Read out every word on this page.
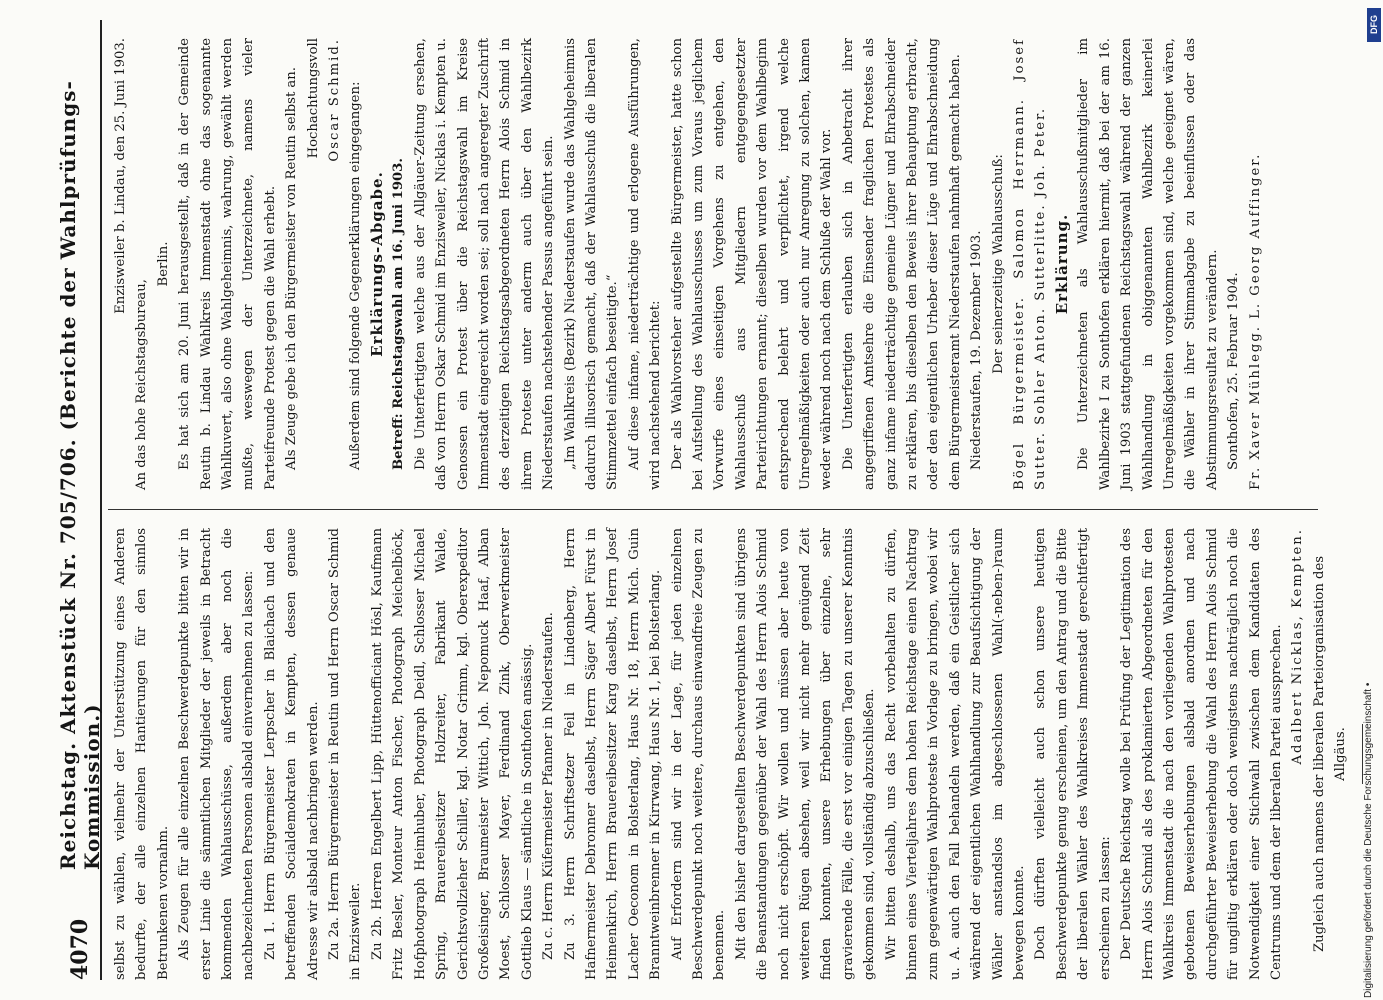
4070
Reichstag. Aktenstück Nr. 705/706. (Berichte der Wahlprüfungs-Kommission.) selbst zu wählen, vielmehr der Unterstützung eines Anderen bedurfte, der alle einzelnen Hantierungen für den sinnlos Betrunkenen vornahm. Als Zeugen für alle einzelnen Beschwerdepunkte bitten wir in erster Linie die sämmtlichen Mitglieder der jeweils in Betracht kommenden Wahlausschüsse, außerdem aber noch die nachbezeichneten Personen alsbald einvernehmen zu lassen: Zu 1. Herrn Bürgermeister Lerpscher in Blaichach und den betreffenden Socialdemokraten in Kempten, dessen genaue Adresse wir alsbald nachbringen werden. Zu 2a. Herrn Bürgermeister in Reutin und Herrn Oscar Schmid in Enzisweiler. Zu 2b. Herren Engelbert Lipp, Hüttenofficiant Hösl, Kaufmann Fritz Besler, Monteur Anton Fischer, Photograph Meichelböck, Hofphotograph Heimhuber, Photograph Deidl, Schlosser Michael Spring, Brauereibesitzer Holzreiter, Fabrikant Walde, Gerichtsvollzieher Schiller, kgl. Notar Grimm, kgl. Oberexpeditor Großeisinger, Braumeister Wittich, Joh. Nepomuck Haaf, Alban Moest, Schlosser Mayer, Ferdinand Zink, Oberwerkmeister Gottlieb Klaus — sämtliche in Sonthofen ansässig. Zu c. Herrn Küfermeister Pfanner in Niederstaufen. Zu 3. Herrn Schriftsetzer Feil in Lindenberg, Herrn Hafnermeister Debronner daselbst, Herrn Säger Albert Fürst in Heimenkirch, Herrn Brauereibesitzer Karg daselbst, Herrn Josef Lacher Oeconom in Bolsterlang, Haus Nr. 18, Herrn Mich. Guin Branntweinbrenner in Kirrwang, Haus Nr. 1, bei Bolsterlang. Auf Erfordern sind wir in der Lage, für jeden einzelnen Beschwerdepunkt noch weitere, durchaus einwandfreie Zeugen zu benennen. Mit den bisher dargestellten Beschwerdepunkten sind übrigens die Beanstandungen gegenüber der Wahl des Herrn Alois Schmid noch nicht erschöpft. Wir wollen und müssen aber heute von weiteren Rügen absehen, weil wir nicht mehr genügend Zeit finden konnten, unsere Erhebungen über einzelne, sehr gravierende Fälle, die erst vor einigen Tagen zu unserer Kenntnis gekommen sind, vollständig abzuschließen. Wir bitten deshalb, uns das Recht vorbehalten zu dürfen, binnen eines Vierteljahres dem hohen Reichstage einen Nachtrag zum gegenwärtigen Wahlproteste in Vorlage zu bringen, wobei wir u. A. auch den Fall behandeln werden, daß ein Geistlicher sich während der eigentlichen Wahlhandlung zur Beaufsichtigung der Wähler anstandslos im abgeschlossenen Wahl(-neben-)raum bewegen konnte. Doch dürften vielleicht auch schon unsere heutigen Beschwerdepunkte genug erscheinen, um den Antrag und die Bitte der liberalen Wähler des Wahlkreises Immenstadt gerechtfertigt erscheinen zu lassen: Der Deutsche Reichstag wolle bei Prüfung der Legitimation des Herrn Alois Schmid als des proklamierten Abgeordneten für den Wahlkreis Immenstadt die nach den vorliegenden Wahlprotesten gebotenen Beweiserhebungen alsbald anordnen und nach durchgeführter Beweiserhebung die Wahl des Herrn Alois Schmid für ungiltig erklären oder doch wenigstens nachträglich noch die Notwendigkeit einer Stichwahl zwischen dem Kandidaten des Centrums und dem der liberalen Partei aussprechen. Adalbert Nicklas, Kempten. Zugleich auch namens der liberalen Parteiorganisation des Allgäus.

Enzisweiler b. Lindau, den 25. Juni 1903.

An das hohe Reichstagsbureau,

Berlin. Es hat sich am 20. Juni herausgestellt, daß in der Gemeinde Reutin b. Lindau Wahlkreis Immenstadt ohne das sogenannte Wahlkuvert, also ohne Wahlgeheimnis, wahrung, gewählt werden mußte, weswegen der Unterzeichnete, namens vieler Parteifreunde Protest gegen die Wahl erhebt. Als Zeuge gebe ich den Bürgermeister von Reutin selbst an. Hochachtungsvoll Oscar Schmid. Außerdem sind folgende Gegenerklärungen eingegangen: Erklärungs-Abgabe. Betreff: Reichstagswahl am 16. Juni 1903. Die Unterfertigten welche aus der Allgäuer-Zeitung ersehen, daß von Herrn Oskar Schmid im Enzisweiler, Nicklas i. Kempten u. Genossen ein Protest über die Reichstagswahl im Kreise Immenstadt eingereicht worden sei; soll nach angeregter Zuschrift des derzeitigen Reichstagsabgeordneten Herrn Alois Schmid in ihrem Proteste unter anderm auch über den Wahlbezirk Niederstaufen nachstehender Passus angeführt sein. „Im Wahlkreis (Bezirk) Niederstaufen wurde das Wahlgeheimnis dadurch illusorisch gemacht, daß der Wahlausschuß die liberalen Stimmzettel einfach beseitigte.“ Auf diese infame, niederträchtige und erlogene Ausführungen, wird nachstehend berichtet: Der als Wahlvorsteher aufgestellte Bürgermeister, hatte schon bei Aufstellung des Wahlausschusses um zum Voraus jeglichem Vorwurfe eines einseitigen Vorgehens zu entgehen, den Wahlausschuß aus Mitgliedern entgegengesetzter Parteirichtungen ernannt; dieselben wurden vor dem Wahlbeginn entsprechend belehrt und verpflichtet, irgend welche Unregelmäßigkeiten oder auch nur Anregung zu solchen, kamen weder während noch nach dem Schluße der Wahl vor. Die Unterfertigten erlauben sich in Anbetracht ihrer angegriffenen Amtsehre die Einsender fraglichen Protestes als ganz infame niederträchtige gemeine Lügner und Ehrabschneider zu erklären, bis dieselben den Beweis ihrer Behauptung erbracht, oder den eigentlichen Urheber dieser Lüge und Ehrabschneidung dem Bürgermeisteramt Niederstaufen nahmhaft gemacht haben. Niederstaufen, 19. Dezember 1903. Der seinerzeitige Wahlausschuß: Bögel Bürgermeister. Salomon Herrmann. Josef Sutter. Sohler Anton. Sutterlitte. Joh. Peter. Erklärung. Die Unterzeichneten als Wahlausschußmitglieder im Wahlbezirke I zu Sonthofen erklären hiermit, daß bei der am 16. Juni 1903 stattgefundenen Reichstagswahl während der ganzen Wahlhandlung in obiggenannten Wahlbezirk keinerlei Unregelmäßigkeiten vorgekommen sind, welche geeignet wären, die Wähler in ihrer Stimmabgabe zu beeinflussen oder das Abstimmungsresultat zu verändern. Sonthofen, 25. Februar 1904. Fr. Xaver Mühlegg. L. Georg Auffinger.

Digitalisierung gefördert durch die Deutsche Forschungsgemeinschaft •
DFG
